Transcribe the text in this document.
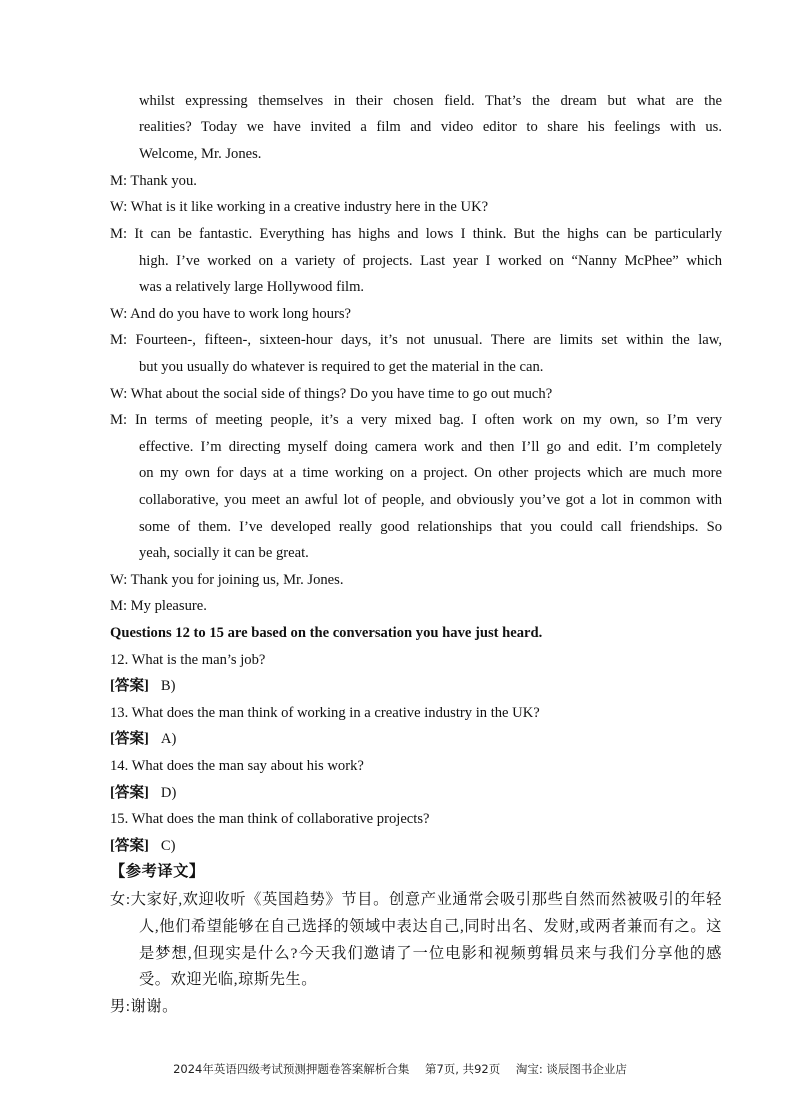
whilst expressing themselves in their chosen field. That’s the dream but what are the
realities? Today we have invited a film and video editor to share his feelings with us.
Welcome, Mr. Jones.
M: Thank you.
W: What is it like working in a creative industry here in the UK?
M: It can be fantastic. Everything has highs and lows I think. But the highs can be particularly
high. I’ve worked on a variety of projects. Last year I worked on “Nanny McPhee” which
was a relatively large Hollywood film.
W: And do you have to work long hours?
M: Fourteen-, fifteen-, sixteen-hour days, it’s not unusual. There are limits set within the law,
but you usually do whatever is required to get the material in the can.
W: What about the social side of things? Do you have time to go out much?
M: In terms of meeting people, it’s a very mixed bag. I often work on my own, so I’m very
effective. I’m directing myself doing camera work and then I’ll go and edit. I’m completely
on my own for days at a time working on a project. On other projects which are much more
collaborative, you meet an awful lot of people, and obviously you’ve got a lot in common with
some of them. I’ve developed really good relationships that you could call friendships. So
yeah, socially it can be great.
W: Thank you for joining us, Mr. Jones.
M: My pleasure.
Questions 12 to 15 are based on the conversation you have just heard.
12. What is the man’s job?
[答案] B)
13. What does the man think of working in a creative industry in the UK?
[答案] A)
14. What does the man say about his work?
[答案] D)
15. What does the man think of collaborative projects?
[答案] C)
【参考译文】
女:大家好,欢迎收听《英国趋势》节目。创意产业通常会吸引那些自然而然被吸引的年轻
人,他们希望能够在自己选择的领域中表达自己,同时出名、发财,或两者兼而有之。这
是梦想,但现实是什么?今天我们邀请了一位电影和视频剪辑员来与我们分享他的感
受。欢迎光临,琼斯先生。
男:谢谢。
2024年英语四级考试预测押题卷答案解析合集 第7页, 共92页 淘宝: 谈辰图书企业店
